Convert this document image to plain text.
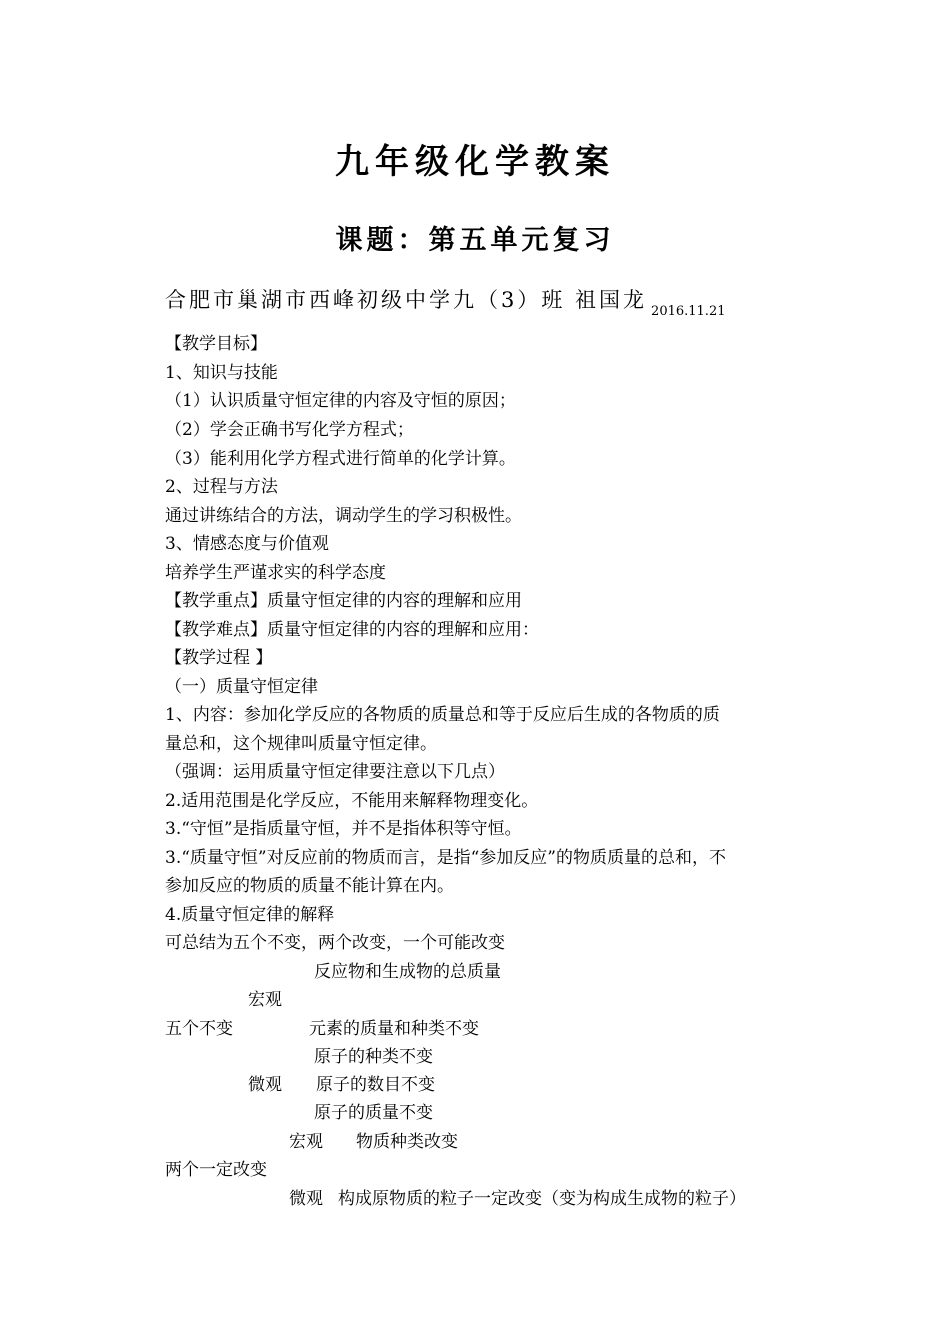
九年级化学教案
课题：第五单元复习
合肥市巢湖市西峰初级中学九（3）班 祖国龙 $_{2016.11.21}$
【教学目标】
1、知识与技能
（1）认识质量守恒定律的内容及守恒的原因；
（2）学会正确书写化学方程式；
（3）能利用化学方程式进行简单的化学计算。
2、过程与方法
通过讲练结合的方法，调动学生的学习积极性。
3、情感态度与价值观
培养学生严谨求实的科学态度
【教学重点】质量守恒定律的内容的理解和应用
【教学难点】质量守恒定律的内容的理解和应用：
【教学过程 】
（一）质量守恒定律
1、内容：参加化学反应的各物质的质量总和等于反应后生成的各物质的质
量总和，这个规律叫质量守恒定律。
（强调：运用质量守恒定律要注意以下几点）
2.适用范围是化学反应，不能用来解释物理变化。
3.“守恒”是指质量守恒，并不是指体积等守恒。
3.“质量守恒”对反应前的物质而言，是指“参加反应”的物质质量的总和，不
参加反应的物质的质量不能计算在内。
4.质量守恒定律的解释
可总结为五个不变，两个改变，一个可能改变
反应物和生成物的总质量
宏观
五个不变	元素的质量和种类不变
原子的种类不变
微观 原子的数目不变
原子的质量不变
宏观 物质种类改变
两个一定改变
微观 构成原物质的粒子一定改变（变为构成生成物的粒子）
